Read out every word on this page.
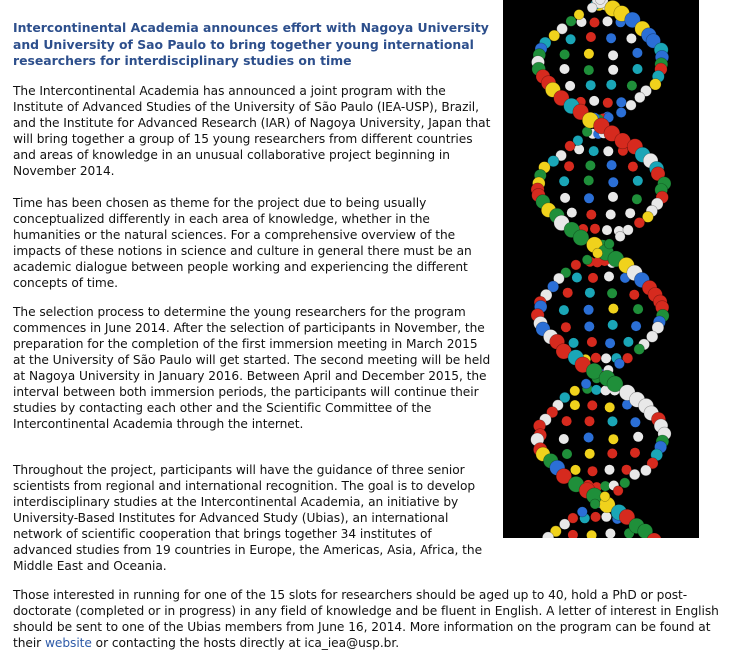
Intercontinental Academia announces effort with Nagoya University and University of Sao Paulo to bring together young international researchers for interdisciplinary studies on time

The Intercontinental Academia has announced a joint program with the Institute of Advanced Studies of the University of São Paulo (IEA-USP), Brazil, and the Institute for Advanced Research (IAR) of Nagoya University, Japan that will bring together a group of 15 young researchers from different countries and areas of knowledge in an unusual collaborative project beginning in November 2014.

Time has been chosen as theme for the project due to being usually conceptualized differently in each area of knowledge, whether in the humanities or the natural sciences. For a comprehensive overview of the impacts of these notions in science and culture in general there must be an academic dialogue between people working and experiencing the different concepts of time.

The selection process to determine the young researchers for the program commences in June 2014. After the selection of participants in November, the preparation for the completion of the first immersion meeting in March 2015 at the University of São Paulo will get started. The second meeting will be held at Nagoya University in January 2016. Between April and December 2015, the interval between both immersion periods, the participants will continue their studies by contacting each other and the Scientific Committee of the Intercontinental Academia through the internet.

Throughout the project, participants will have the guidance of three senior scientists from regional and international recognition. The goal is to develop interdisciplinary studies at the Intercontinental Academia, an initiative by University-Based Institutes for Advanced Study (Ubias), an international network of scientific cooperation that brings together 34 institutes of advanced studies from 19 countries in Europe, the Americas, Asia, Africa, the Middle East and Oceania.

Those interested in running for one of the 15 slots for researchers should be aged up to 40, hold a PhD or post-doctorate (completed or in progress) in any field of knowledge and be fluent in English. A letter of interest in English should be sent to one of the Ubias members from June 16, 2014. More information on the program can be found at their website or contacting the hosts directly at ica_iea@usp.br.
